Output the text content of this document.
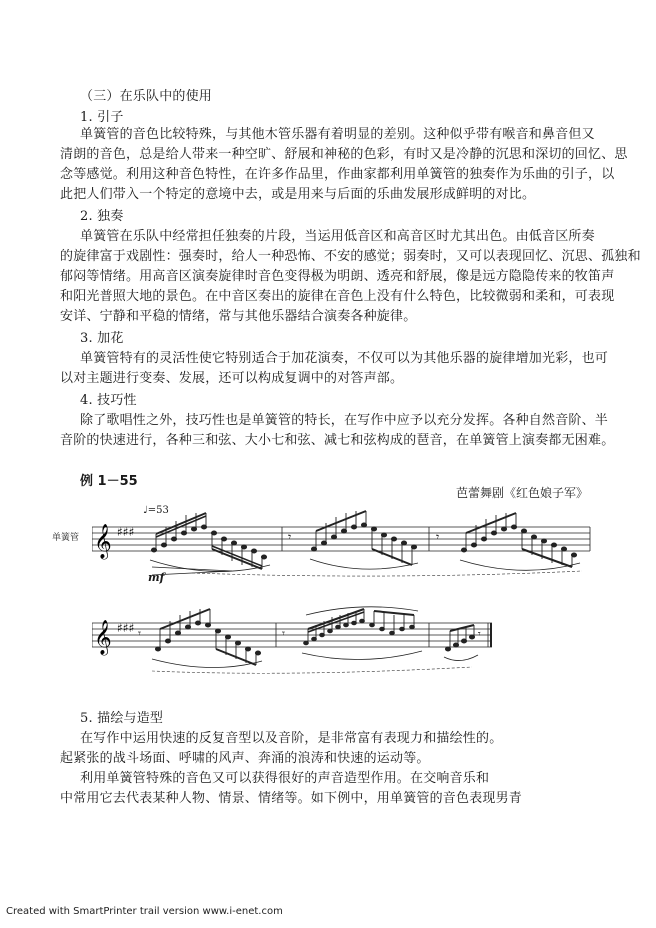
（三）在乐队中的使用
1. 引子
单簧管的音色比较特殊，与其他木管乐器有着明显的差别。这种似乎带有喉音和鼻音但又
清朗的音色，总是给人带来一种空旷、舒展和神秘的色彩，有时又是冷静的沉思和深切的回忆、思
念等感觉。利用这种音色特性，在许多作品里，作曲家都利用单簧管的独奏作为乐曲的引子，以
此把人们带入一个特定的意境中去，或是用来与后面的乐曲发展形成鲜明的对比。
2. 独奏
单簧管在乐队中经常担任独奏的片段，当运用低音区和高音区时尤其出色。由低音区所奏
的旋律富于戏剧性：强奏时，给人一种恐怖、不安的感觉；弱奏时，又可以表现回忆、沉思、孤独和
郁闷等情绪。用高音区演奏旋律时音色变得极为明朗、透亮和舒展，像是远方隐隐传来的牧笛声
和阳光普照大地的景色。在中音区奏出的旋律在音色上没有什么特色，比较微弱和柔和，可表现
安详、宁静和平稳的情绪，常与其他乐器结合演奏各种旋律。
3. 加花
单簧管特有的灵活性使它特别适合于加花演奏，不仅可以为其他乐器的旋律增加光彩，也可
以对主题进行变奏、发展，还可以构成复调中的对答声部。
4. 技巧性
除了歌唱性之外，技巧性也是单簧管的特长，在写作中应予以充分发挥。各种自然音阶、半
音阶的快速进行，各种三和弦、大小七和弦、减七和弦构成的琶音，在单簧管上演奏都无困难。
例 1－55
芭蕾舞剧《红色娘子军》
单簧管
♩=53
mf
𝄞 ♯♯♯	𝄾	𝄾
𝄞 ♯♯♯ 𝄾	𝄾	𝄾
5. 描绘与造型
在写作中运用快速的反复音型以及音阶，是非常富有表现力和描绘性的。
起紧张的战斗场面、呼啸的风声、奔涌的浪涛和快速的运动等。
利用单簧管特殊的音色又可以获得很好的声音造型作用。在交响音乐和
中常用它去代表某种人物、情景、情绪等。如下例中，用单簧管的音色表现男青
Created with SmartPrinter trail version www.i-enet.com
